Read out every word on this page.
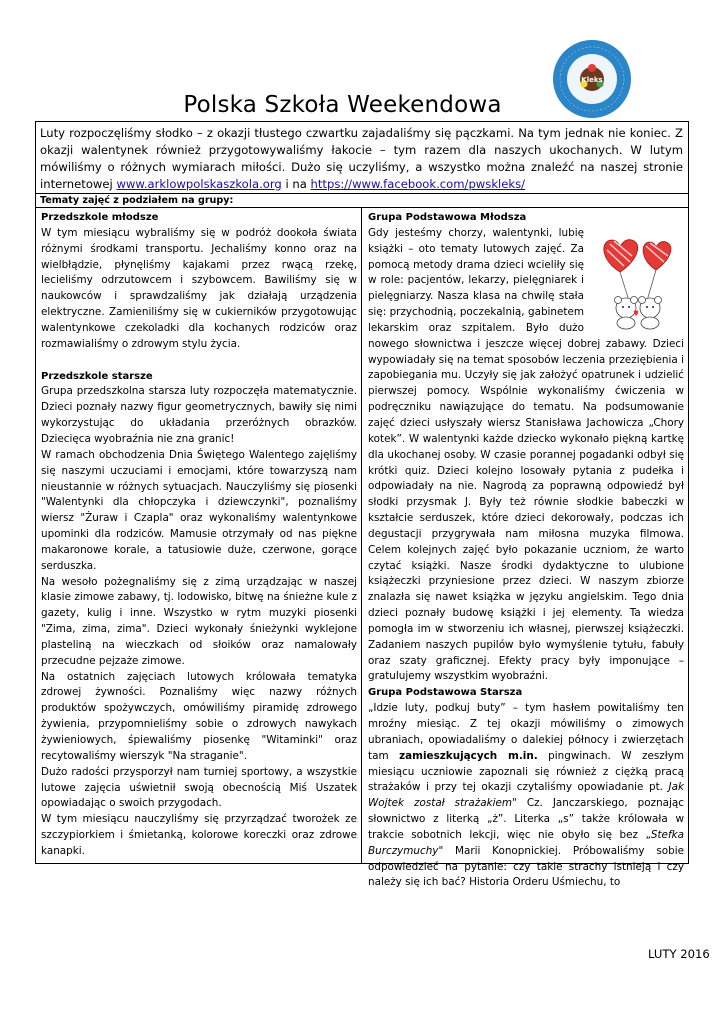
Kleks
Polska Szkoła Weekendowa
Luty rozpoczęliśmy słodko – z okazji tłustego czwartku zajadaliśmy się pączkami. Na tym jednak nie koniec. Z okazji walentynek również przygotowywaliśmy łakocie – tym razem dla naszych ukochanych. W lutym mówiliśmy o różnych wymiarach miłości. Dużo się uczyliśmy, a wszystko można znaleźć na naszej stronie internetowej www.arklowpolskaszkola.org i na https://www.facebook.com/pwskleks/
Tematy zajęć z podziałem na grupy:

Przedszkole młodsze

W tym miesiącu wybraliśmy się w podróż dookoła świata różnymi środkami transportu. Jechaliśmy konno oraz na wielbłądzie, płynęliśmy kajakami przez rwącą rzekę, lecieliśmy odrzutowcem i szybowcem. Bawiliśmy się w naukowców i sprawdzaliśmy jak działają urządzenia elektryczne. Zamieniliśmy się w cukierników przygotowując walentynkowe czekoladki dla kochanych rodziców oraz rozmawialiśmy o zdrowym stylu życia.

Przedszkole starsze

Grupa przedszkolna starsza luty rozpoczęła matematycznie. Dzieci poznały nazwy figur geometrycznych, bawiły się nimi wykorzystując do układania przeróżnych obrazków. Dziecięca wyobraźnia nie zna granic!

W ramach obchodzenia Dnia Świętego Walentego zajęliśmy się naszymi uczuciami i emocjami, które towarzyszą nam nieustannie w różnych sytuacjach. Nauczyliśmy się piosenki "Walentynki dla chłopczyka i dziewczynki", poznaliśmy wiersz "Żuraw i Czapla" oraz wykonaliśmy walentynkowe upominki dla rodziców. Mamusie otrzymały od nas piękne makaronowe korale, a tatusiowie duże, czerwone, gorące serduszka.

Na wesoło pożegnaliśmy się z zimą urządzając w naszej klasie zimowe zabawy, tj. lodowisko, bitwę na śnieżne kule z gazety, kulig i inne. Wszystko w rytm muzyki piosenki "Zima, zima, zima". Dzieci wykonały śnieżynki wyklejone plasteliną na wieczkach od słoików oraz namalowały przecudne pejzaże zimowe.

Na ostatnich zajęciach lutowych królowała tematyka zdrowej żywności. Poznaliśmy więc nazwy różnych produktów spożywczych, omówiliśmy piramidę zdrowego żywienia, przypomnieliśmy sobie o zdrowych nawykach żywieniowych, śpiewaliśmy piosenkę "Witaminki" oraz recytowaliśmy wierszyk "Na straganie".

Dużo radości przysporzył nam turniej sportowy, a wszystkie lutowe zajęcia uświetnił swoją obecnością Miś Uszatek opowiadając o swoich przygodach.

W tym miesiącu nauczyliśmy się przyrządzać tworożek ze szczypiorkiem i śmietanką, kolorowe koreczki oraz zdrowe kanapki.

Grupa Podstawowa Młodsza

Gdy jesteśmy chorzy, walentynki, lubię książki – oto tematy lutowych zajęć. Za pomocą metody drama dzieci wcieliły się w role: pacjentów, lekarzy, pielęgniarek i pielęgniarzy. Nasza klasa na chwilę stała się: przychodnią, poczekalnią, gabinetem lekarskim oraz szpitalem. Było dużo nowego słownictwa i jeszcze więcej dobrej zabawy. Dzieci wypowiadały się na temat sposobów leczenia przeziębienia i zapobiegania mu. Uczyły się jak założyć opatrunek i udzielić pierwszej pomocy. Wspólnie wykonaliśmy ćwiczenia w podręczniku nawiązujące do tematu. Na podsumowanie zajęć dzieci usłyszały wiersz Stanisława Jachowicza „Chory kotek”. W walentynki każde dziecko wykonało piękną kartkę dla ukochanej osoby. W czasie porannej pogadanki odbył się krótki quiz. Dzieci kolejno losowały pytania z pudełka i odpowiadały na nie. Nagrodą za poprawną odpowiedź był słodki przysmak J. Były też równie słodkie babeczki w kształcie serduszek, które dzieci dekorowały, podczas ich degustacji przygrywała nam miłosna muzyka filmowa. Celem kolejnych zajęć było pokazanie uczniom, że warto czytać książki. Nasze środki dydaktyczne to ulubione książeczki przyniesione przez dzieci. W naszym zbiorze znalazła się nawet książka w języku angielskim. Tego dnia dzieci poznały budowę książki i jej elementy. Ta wiedza pomogła im w stworzeniu ich własnej, pierwszej książeczki. Zadaniem naszych pupilów było wymyślenie tytułu, fabuły oraz szaty graficznej. Efekty pracy były imponujące – gratulujemy wszystkim wyobraźni.

Grupa Podstawowa Starsza

„Idzie luty, podkuj buty” – tym hasłem powitaliśmy ten mroźny miesiąc. Z tej okazji mówiliśmy o zimowych ubraniach, opowiadaliśmy o dalekiej północy i zwierzętach tam zamieszkujących m.in. pingwinach. W zeszłym miesiącu uczniowie zapoznali się również z ciężką pracą strażaków i przy tej okazji czytaliśmy opowiadanie pt. Jak Wojtek został strażakiem" Cz. Janczarskiego, poznając słownictwo z literką „ż”. Literka „s” także królowała w trakcie sobotnich lekcji, więc nie obyło się bez „Stefka Burczymuchy" Marii Konopnickiej. Próbowaliśmy sobie odpowiedzieć na pytanie: czy takie strachy istnieją i czy należy się ich bać? Historia Orderu Uśmiechu, to

LUTY 2016
